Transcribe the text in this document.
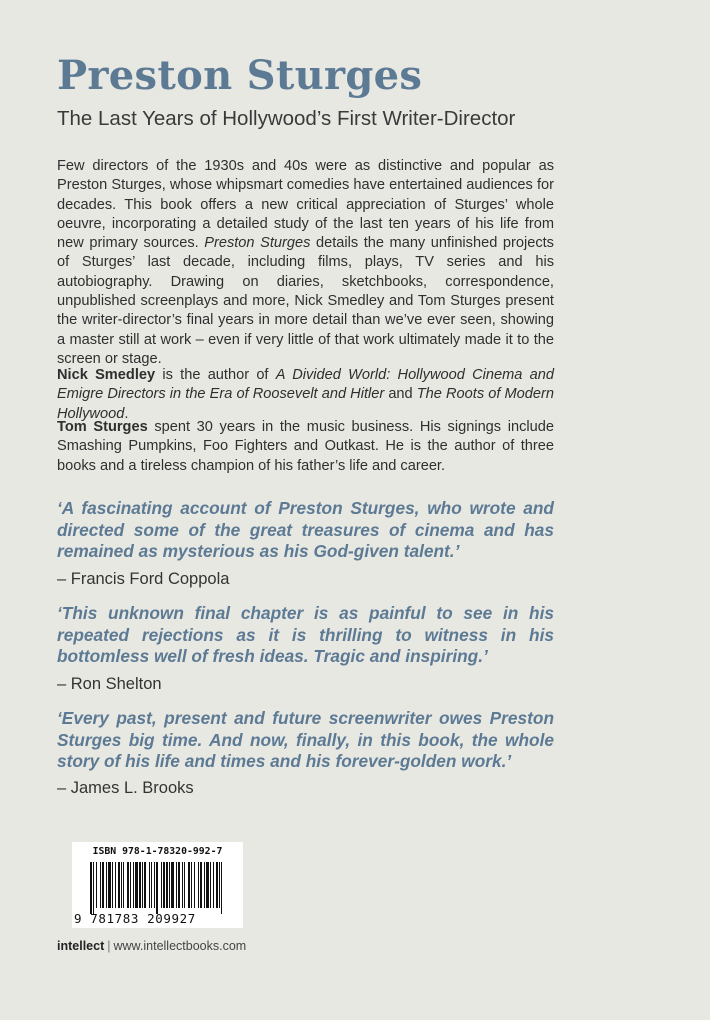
Preston Sturges
The Last Years of Hollywood’s First Writer-Director
Few directors of the 1930s and 40s were as distinctive and popular as Preston Sturges, whose whipsmart comedies have entertained audiences for decades. This book offers a new critical appreciation of Sturges’ whole oeuvre, incorporating a detailed study of the last ten years of his life from new primary sources. Preston Sturges details the many unfinished projects of Sturges’ last decade, including films, plays, TV series and his autobiography. Drawing on diaries, sketchbooks, correspondence, unpublished screenplays and more, Nick Smedley and Tom Sturges present the writer-director’s final years in more detail than we’ve ever seen, showing a master still at work – even if very little of that work ultimately made it to the screen or stage.
Nick Smedley is the author of A Divided World: Hollywood Cinema and Emigre Directors in the Era of Roosevelt and Hitler and The Roots of Modern Hollywood.
Tom Sturges spent 30 years in the music business. His signings include Smashing Pumpkins, Foo Fighters and Outkast. He is the author of three books and a tireless champion of his father’s life and career.

‘A fascinating account of Preston Sturges, who wrote and directed some of the great treasures of cinema and has remained as mysterious as his God-given talent.’

– Francis Ford Coppola

‘This unknown final chapter is as painful to see in his repeated rejections as it is thrilling to witness in his bottomless well of fresh ideas. Tragic and inspiring.’

– Ron Shelton

‘Every past, present and future screenwriter owes Preston Sturges big time. And now, finally, in this book, the whole story of his life and times and his forever-golden work.’

– James L. Brooks
ISBN 978-1-78320-992-7
9 781783 209927
intellect | www.intellectbooks.com
